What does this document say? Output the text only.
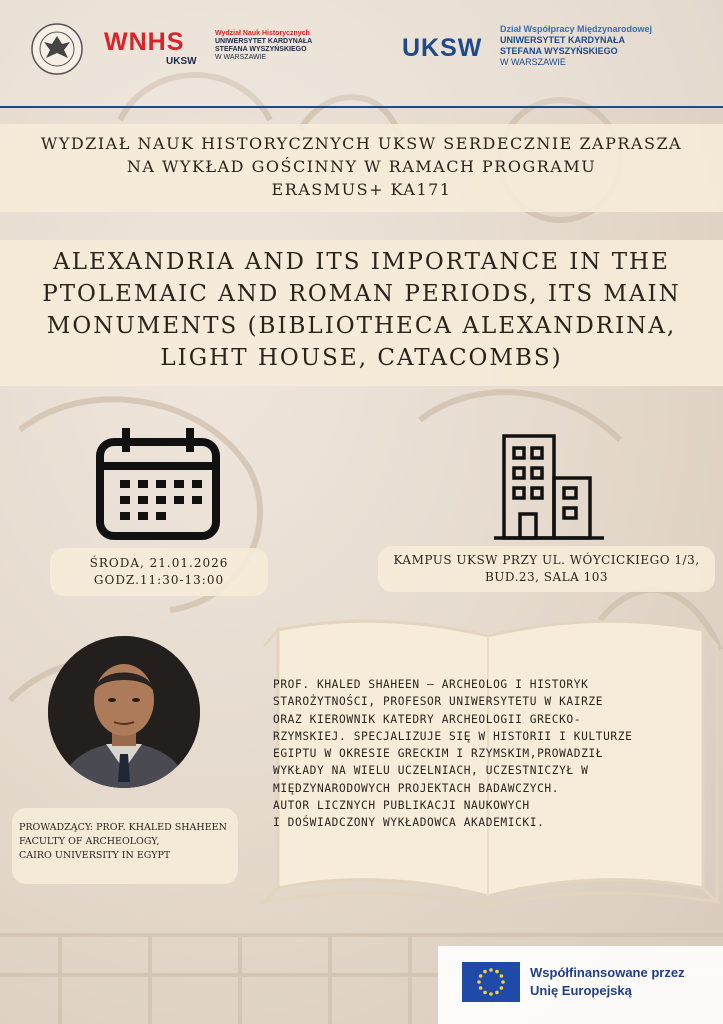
WNHS
UKSW
Wydział Nauk Historycznych
UNIWERSYTET KARDYNAŁA
STEFANA WYSZYŃSKIEGO
W WARSZAWIE	UKSW
Dział Współpracy Międzynarodowej
UNIWERSYTET KARDYNAŁA
STEFANA WYSZYŃSKIEGO
W WARSZAWIE
WYDZIAŁ NAUK HISTORYCZNYCH UKSW SERDECZNIE ZAPRASZA
NA WYKŁAD GOŚCINNY W RAMACH PROGRAMU
ERASMUS+ KA171
ALEXANDRIA AND ITS IMPORTANCE IN THE
PTOLEMAIC AND ROMAN PERIODS, ITS MAIN
MONUMENTS (BIBLIOTHECA ALEXANDRINA,
LIGHT HOUSE, CATACOMBS)
ŚRODA, 21.01.2026
GODZ.11:30-13:00
KAMPUS UKSW PRZY UL. WÓYCICKIEGO 1/3,
BUD.23, SALA 103
PROWADZĄCY: PROF. KHALED SHAHEEN
FACULTY OF ARCHEOLOGY,
CAIRO UNIVERSITY IN EGYPT
PROF. KHALED SHAHEEN – ARCHEOLOG I HISTORYK
STAROŻYTNOŚCI, PROFESOR UNIWERSYTETU W KAIRZE
ORAZ KIEROWNIK KATEDRY ARCHEOLOGII GRECKO-
RZYMSKIEJ. SPECJALIZUJE SIĘ W HISTORII I KULTURZE
EGIPTU W OKRESIE GRECKIM I RZYMSKIM,PROWADZIŁ
WYKŁADY NA WIELU UCZELNIACH, UCZESTNICZYŁ W
MIĘDZYNARODOWYCH PROJEKTACH BADAWCZYCH.
AUTOR LICZNYCH PUBLIKACJI NAUKOWYCH
I DOŚWIADCZONY WYKŁADOWCA AKADEMICKI.
Współfinansowane przez
Unię Europejską
